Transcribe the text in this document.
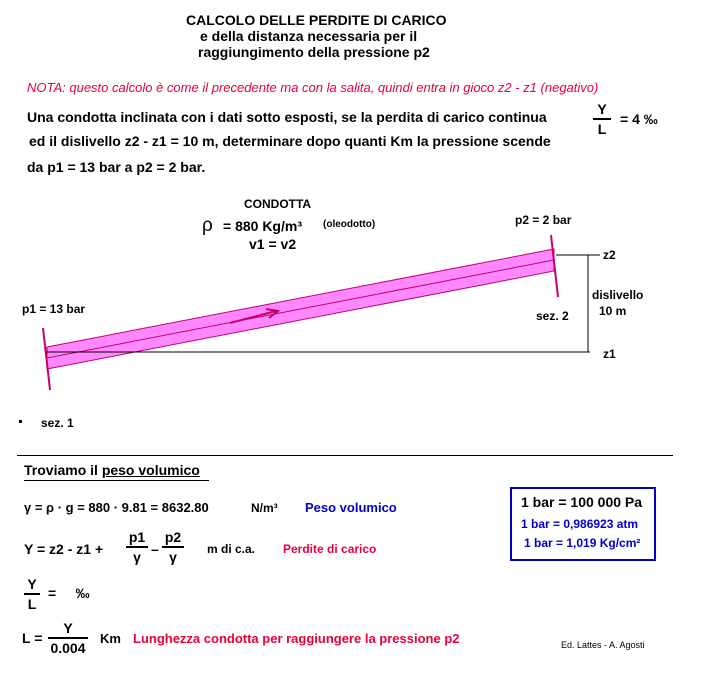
CALCOLO DELLE PERDITE DI CARICO
e della distanza necessaria per il
raggiungimento della pressione p2
NOTA: questo calcolo è come il precedente ma con la salita, quindi entra in gioco z2 - z1 (negativo)
Una condotta inclinata con i dati sotto esposti, se la perdita di carico continua	Y
L
= 4 ‰
ed il dislivello z2 - z1 = 10 m, determinare dopo quanti Km la pressione scende
da p1 = 13 bar a p2 = 2 bar.
CONDOTTA
ρ = 880 Kg/m³ (oleodotto)
v1 = v2
p2 = 2 bar
p1 = 13 bar
z2
z1
dislivello
10 m
sez. 2
sez. 1
Troviamo il peso volumico
γ = ρ · g = 880 · 9.81 = 8632.80	N/m³ Peso volumico
Y = z2 - z1 +
p1
γ –
p2
γ	m di c.a. Perdite di carico
Y
L
=     ‰
L =
Y
0.004
Km Lunghezza condotta per raggiungere la pressione p2
1 bar = 100 000 Pa
1 bar = 0,986923 atm
1 bar = 1,019 Kg/cm²
Ed. Lattes - A. Agosti
